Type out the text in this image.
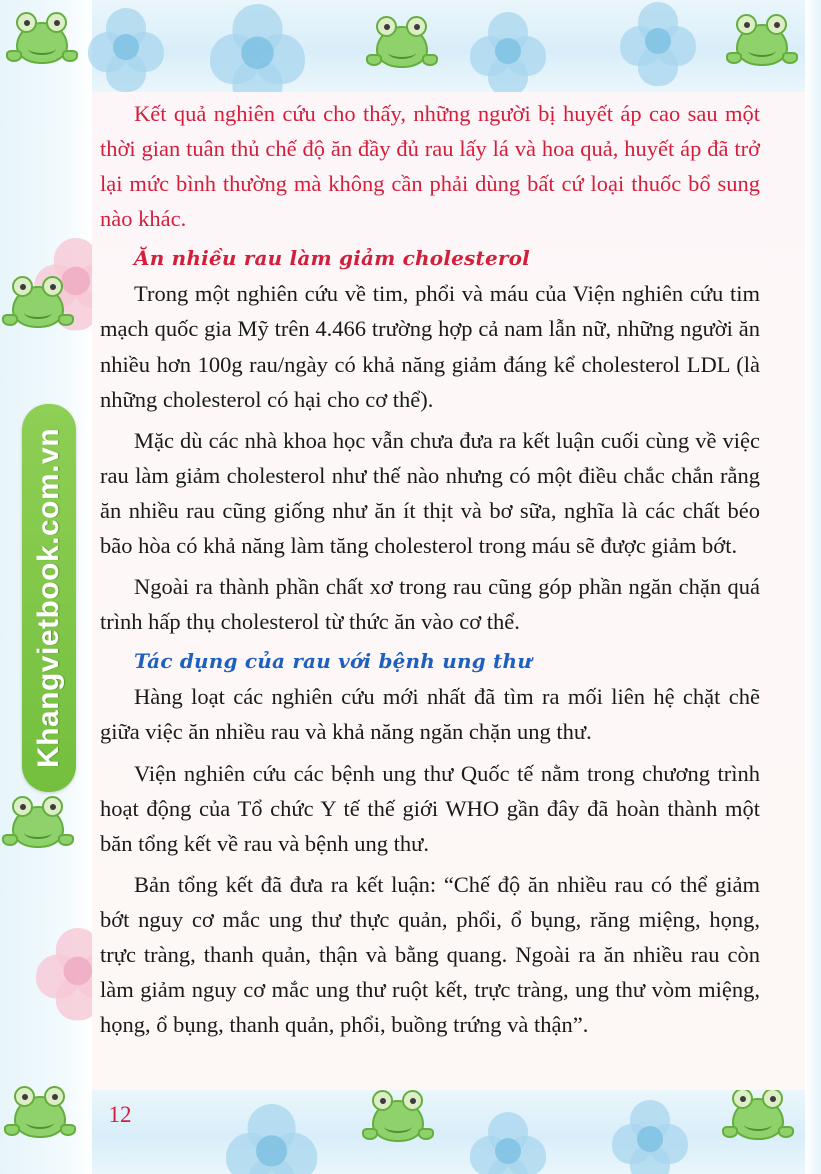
Khangvietbook.com.vn

Kết quả nghiên cứu cho thấy, những người bị huyết áp cao sau một thời gian tuân thủ chế độ ăn đầy đủ rau lấy lá và hoa quả, huyết áp đã trở lại mức bình thường mà không cần phải dùng bất cứ loại thuốc bổ sung nào khác.

Ăn nhiều rau làm giảm cholesterol

Trong một nghiên cứu về tim, phổi và máu của Viện nghiên cứu tim mạch quốc gia Mỹ trên 4.466 trường hợp cả nam lẫn nữ, những người ăn nhiều hơn 100g rau/ngày có khả năng giảm đáng kể cholesterol LDL (là những cholesterol có hại cho cơ thể).

Mặc dù các nhà khoa học vẫn chưa đưa ra kết luận cuối cùng về việc rau làm giảm cholesterol như thế nào nhưng có một điều chắc chắn rằng ăn nhiều rau cũng giống như ăn ít thịt và bơ sữa, nghĩa là các chất béo bão hòa có khả năng làm tăng cholesterol trong máu sẽ được giảm bớt.

Ngoài ra thành phần chất xơ trong rau cũng góp phần ngăn chặn quá trình hấp thụ cholesterol từ thức ăn vào cơ thể.

Tác dụng của rau với bệnh ung thư

Hàng loạt các nghiên cứu mới nhất đã tìm ra mối liên hệ chặt chẽ giữa việc ăn nhiều rau và khả năng ngăn chặn ung thư.

Viện nghiên cứu các bệnh ung thư Quốc tế nằm trong chương trình hoạt động của Tổ chức Y tế thế giới WHO gần đây đã hoàn thành một băn tổng kết về rau và bệnh ung thư.

Bản tổng kết đã đưa ra kết luận: “Chế độ ăn nhiều rau có thể giảm bớt nguy cơ mắc ung thư thực quản, phổi, ổ bụng, răng miệng, họng, trực tràng, thanh quản, thận và bằng quang. Ngoài ra ăn nhiều rau còn làm giảm nguy cơ mắc ung thư ruột kết, trực tràng, ung thư vòm miệng, họng, ổ bụng, thanh quản, phổi, buồng trứng và thận”.

12
